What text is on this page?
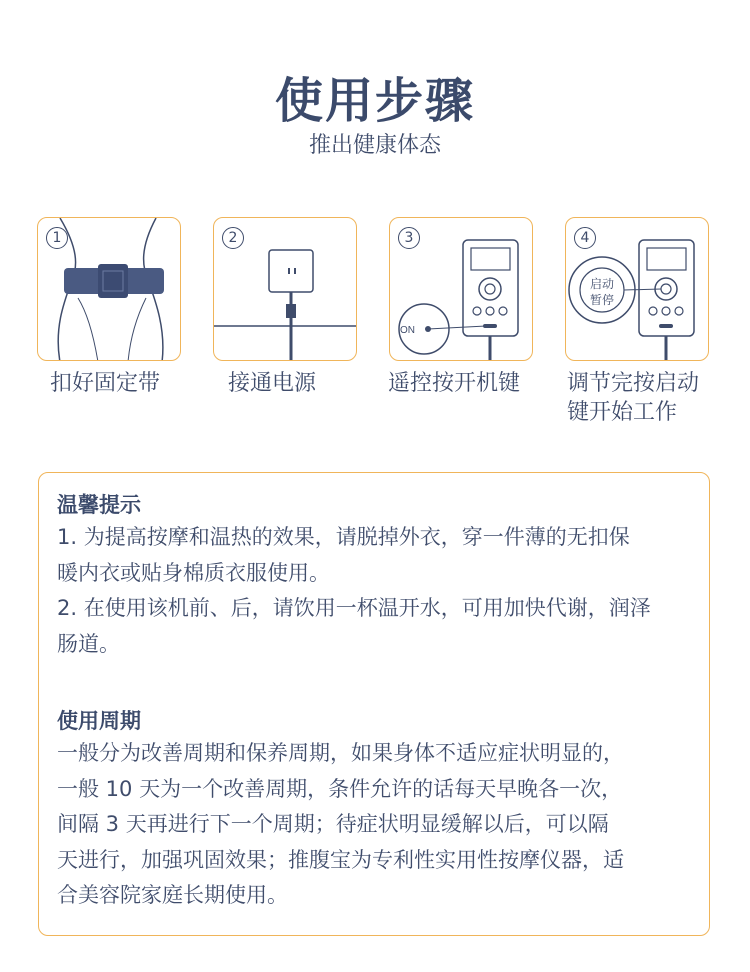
使用步骤
推出健康体态
1
扣好固定带
2
接通电源
3
ON
遥控按开机键
4
启动
暂停
调节完按启动
键开始工作
温馨提示
1. 为提高按摩和温热的效果，请脱掉外衣，穿一件薄的无扣保
暖内衣或贴身棉质衣服使用。
2. 在使用该机前、后，请饮用一杯温开水，可用加快代谢，润泽
肠道。
使用周期
一般分为改善周期和保养周期，如果身体不适应症状明显的，
一般 10 天为一个改善周期，条件允许的话每天早晚各一次，
间隔 3 天再进行下一个周期；待症状明显缓解以后，可以隔
天进行，加强巩固效果；推腹宝为专利性实用性按摩仪器，适
合美容院家庭长期使用。
